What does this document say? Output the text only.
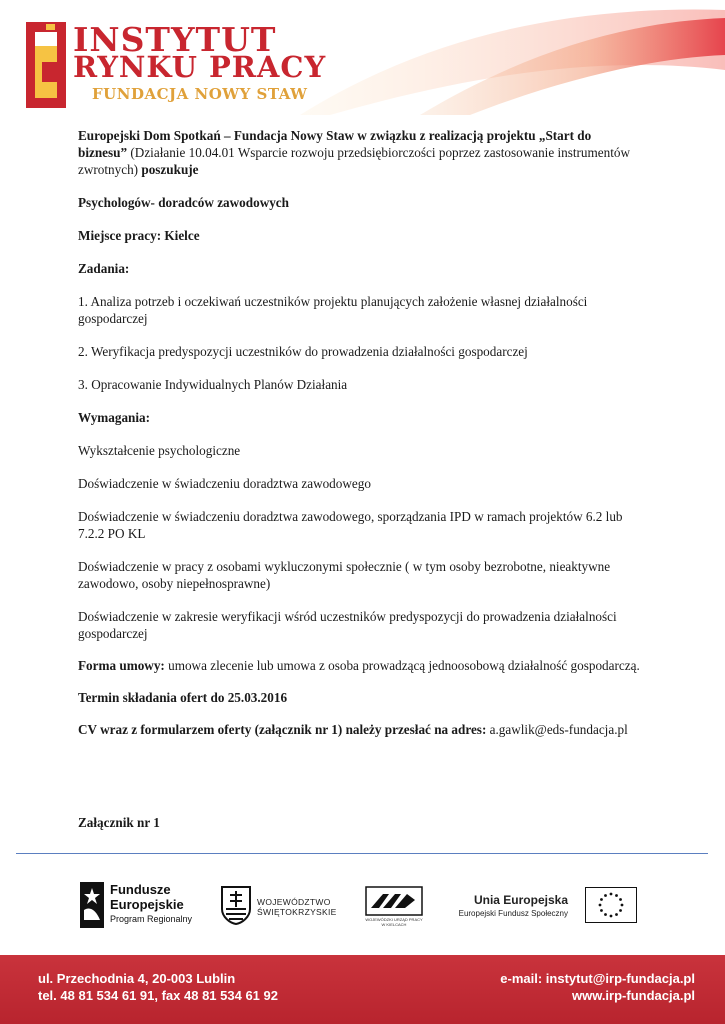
INSTYTUT

RYNKU PRACY

FUNDACJA NOWY STAW

Europejski Dom Spotkań – Fundacja Nowy Staw w związku z realizacją projektu „Start do biznesu” (Działanie 10.04.01 Wsparcie rozwoju przedsiębiorczości poprzez zastosowanie instrumentów zwrotnych) poszukuje

Psychologów- doradców zawodowych

Miejsce pracy: Kielce

Zadania:

1. Analiza potrzeb i oczekiwań uczestników projektu planujących założenie własnej działalności gospodarczej

2. Weryfikacja predyspozycji uczestników do prowadzenia działalności gospodarczej

3. Opracowanie Indywidualnych Planów Działania

Wymagania:

Wykształcenie psychologiczne

Doświadczenie w świadczeniu doradztwa zawodowego

Doświadczenie w świadczeniu doradztwa zawodowego, sporządzania IPD w ramach projektów 6.2 lub 7.2.2 PO KL

Doświadczenie w pracy z osobami wykluczonymi społecznie ( w tym osoby bezrobotne, nieaktywne zawodowo, osoby niepełnosprawne)

Doświadczenie w zakresie weryfikacji wśród uczestników predyspozycji do prowadzenia działalności gospodarczej

Forma umowy: umowa zlecenie lub umowa z osoba prowadzącą jednoosobową działalność gospodarczą.

Termin składania ofert do 25.03.2016

CV wraz z formularzem oferty (załącznik nr 1) należy przesłać na adres: a.gawlik@eds-fundacja.pl

Załącznik nr 1

Fundusze

Europejskie

Program Regionalny

WOJEWÓDZTWO

ŚWIĘTOKRZYSKIE

WOJEWÓDZKI URZĄD PRACY

W KIELCACH

Unia Europejska

Europejski Fundusz Społeczny

ul. Przechodnia 4, 20-003 Lublin

tel. 48 81 534 61 91, fax 48 81 534 61 92

e-mail: instytut@irp-fundacja.pl

www.irp-fundacja.pl
